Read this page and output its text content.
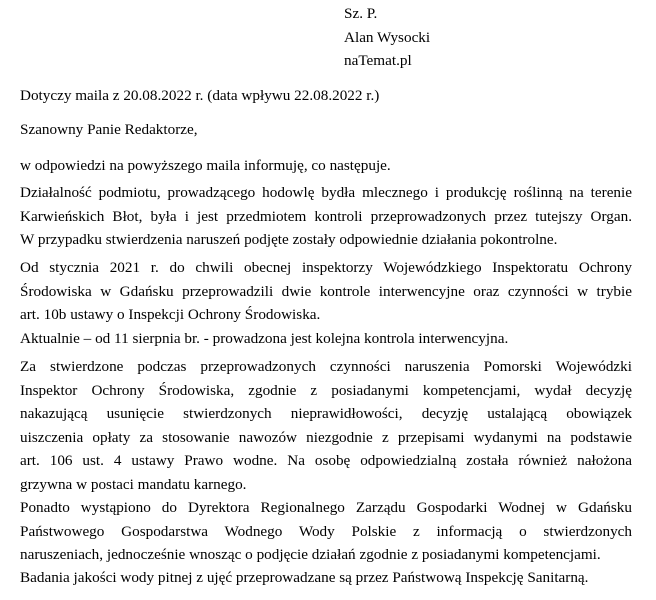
Sz. P.
Alan Wysocki
naTemat.pl
Dotyczy maila z 20.08.2022 r. (data wpływu 22.08.2022 r.)
Szanowny Panie Redaktorze,
w odpowiedzi na powyższego maila informuję, co następuje.
Działalność podmiotu, prowadzącego hodowlę bydła mlecznego i produkcję roślinną na terenie
Karwieńskich Błot, była i jest przedmiotem kontroli przeprowadzonych przez tutejszy Organ.
W przypadku stwierdzenia naruszeń podjęte zostały odpowiednie działania pokontrolne.
Od stycznia 2021 r. do chwili obecnej inspektorzy Wojewódzkiego Inspektoratu Ochrony
Środowiska w Gdańsku przeprowadzili dwie kontrole interwencyjne oraz czynności w trybie
art. 10b ustawy o Inspekcji Ochrony Środowiska.
Aktualnie – od 11 sierpnia br. - prowadzona jest kolejna kontrola interwencyjna.
Za stwierdzone podczas przeprowadzonych czynności naruszenia Pomorski Wojewódzki
Inspektor Ochrony Środowiska, zgodnie z posiadanymi kompetencjami, wydał decyzję
nakazującą usunięcie stwierdzonych nieprawidłowości, decyzję ustalającą obowiązek
uiszczenia opłaty za stosowanie nawozów niezgodnie z przepisami wydanymi na podstawie
art. 106 ust. 4 ustawy Prawo wodne. Na osobę odpowiedzialną została również nałożona
grzywna w postaci mandatu karnego.
Ponadto wystąpiono do Dyrektora Regionalnego Zarządu Gospodarki Wodnej w Gdańsku
Państwowego Gospodarstwa Wodnego Wody Polskie z informacją o stwierdzonych
naruszeniach, jednocześnie wnosząc o podjęcie działań zgodnie z posiadanymi kompetencjami.
Badania jakości wody pitnej z ujęć przeprowadzane są przez Państwową Inspekcję Sanitarną.
